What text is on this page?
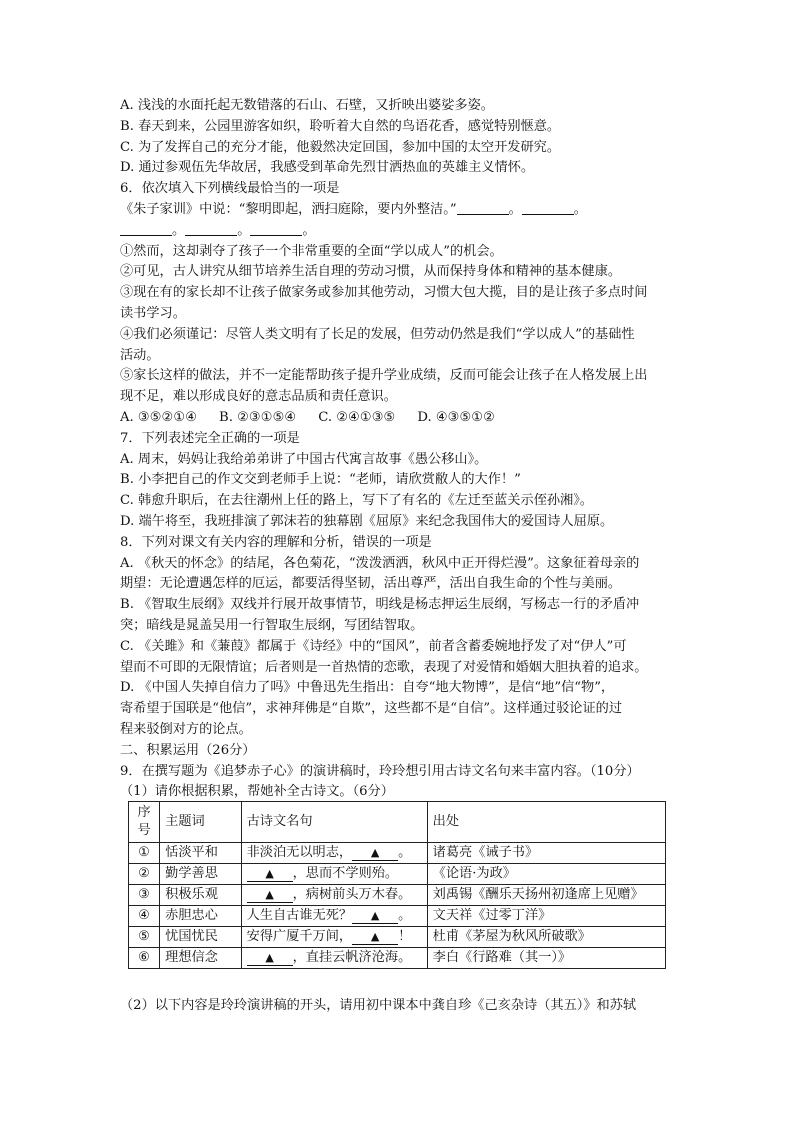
A. 浅浅的水面托起无数错落的石山、石壁，又折映出婆娑多姿。
B. 春天到来，公园里游客如织，聆听着大自然的鸟语花香，感觉特别惬意。
C. 为了发挥自己的充分才能，他毅然决定回国，参加中国的太空开发研究。
D. 通过参观伍先华故居，我感受到革命先烈甘洒热血的英雄主义情怀。
6．依次填入下列横线最恰当的一项是
《朱子家训》中说：“黎明即起，洒扫庭除，要内外整洁。”	。	。
。	。	。
①然而，这却剥夺了孩子一个非常重要的全面“学以成人”的机会。
②可见，古人讲究从细节培养生活自理的劳动习惯，从而保持身体和精神的基本健康。
③现在有的家长却不让孩子做家务或参加其他劳动，习惯大包大揽，目的是让孩子多点时间
读书学习。
④我们必须谨记：尽管人类文明有了长足的发展，但劳动仍然是我们“学以成人”的基础性
活动。
⑤家长这样的做法，并不一定能帮助孩子提升学业成绩，反而可能会让孩子在人格发展上出
现不足，难以形成良好的意志品质和责任意识。
A. ③⑤②①④ B. ②③①⑤④ C. ②④①③⑤ D. ④③⑤①②
7．下列表述完全正确的一项是
A. 周末，妈妈让我给弟弟讲了中国古代寓言故事《愚公移山》。
B. 小李把自己的作文交到老师手上说：“老师，请欣赏敝人的大作！”
C. 韩愈升职后，在去往潮州上任的路上，写下了有名的《左迁至蓝关示侄孙湘》。
D. 端午将至，我班排演了郭沫若的独幕剧《屈原》来纪念我国伟大的爱国诗人屈原。
8．下列对课文有关内容的理解和分析，错误的一项是
A. 《秋天的怀念》的结尾，各色菊花，“泼泼洒洒，秋风中正开得烂漫”。这象征着母亲的
期望：无论遭遇怎样的厄运，都要活得坚韧，活出尊严，活出自我生命的个性与美丽。
B. 《智取生辰纲》双线并行展开故事情节，明线是杨志押运生辰纲，写杨志一行的矛盾冲
突；暗线是晁盖吴用一行智取生辰纲，写团结智取。
C. 《关雎》和《蒹葭》都属于《诗经》中的“国风”，前者含蓄委婉地抒发了对“伊人”可
望而不可即的无限情谊；后者则是一首热情的恋歌，表现了对爱情和婚姻大胆执着的追求。
D. 《中国人失掉自信力了吗》中鲁迅先生指出：自夸“地大物博”，是信“地”信“物”，
寄希望于国联是“他信”，求神拜佛是“自欺”，这些都不是“自信”。这样通过驳论证的过
程来驳倒对方的论点。
二、积累运用（26分）
9．在撰写题为《追梦赤子心》的演讲稿时，玲玲想引用古诗文名句来丰富内容。（10分）
（1）请你根据积累，帮她补全古诗文。（6分）
序号	主题词	古诗文名句	出处
①	恬淡平和	非淡泊无以明志， ▲ 。	诸葛亮《诫子书》
②	勤学善思	▲ ，思而不学则殆。	《论语·为政》
③	积极乐观	▲ ，病树前头万木春。	刘禹锡《酬乐天扬州初逢席上见赠》
④	赤胆忠心	人生自古谁无死？ ▲ 。	文天祥《过零丁洋》
⑤	忧国忧民	安得广厦千万间， ▲ ！	杜甫《茅屋为秋风所破歌》
⑥	理想信念	▲ ，直挂云帆济沧海。	李白《行路难（其一）》
（2）以下内容是玲玲演讲稿的开头，请用初中课本中龚自珍《己亥杂诗（其五）》和苏轼
